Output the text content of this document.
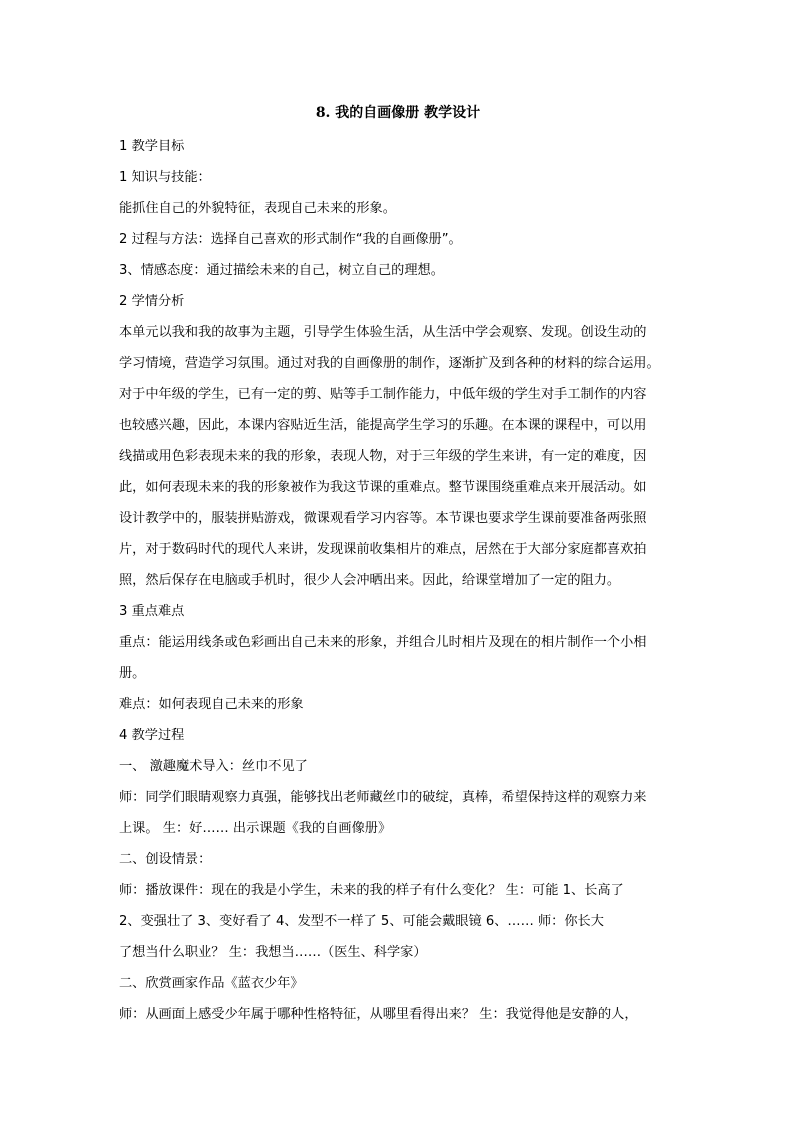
8. 我的自画像册 教学设计
1 教学目标
1 知识与技能：
能抓住自己的外貌特征，表现自己未来的形象。
2 过程与方法：选择自己喜欢的形式制作“我的自画像册”。
3、情感态度：通过描绘未来的自己，树立自己的理想。
2 学情分析
本单元以我和我的故事为主题，引导学生体验生活，从生活中学会观察、发现。创设生动的
学习情境，营造学习氛围。通过对我的自画像册的制作，逐渐扩及到各种的材料的综合运用。
对于中年级的学生，已有一定的剪、贴等手工制作能力，中低年级的学生对手工制作的内容
也较感兴趣，因此，本课内容贴近生活，能提高学生学习的乐趣。在本课的课程中，可以用
线描或用色彩表现未来的我的形象，表现人物，对于三年级的学生来讲，有一定的难度，因
此，如何表现未来的我的形象被作为我这节课的重难点。整节课围绕重难点来开展活动。如
设计教学中的，服装拼贴游戏，微课观看学习内容等。本节课也要求学生课前要准备两张照
片，对于数码时代的现代人来讲，发现课前收集相片的难点，居然在于大部分家庭都喜欢拍
照，然后保存在电脑或手机时，很少人会冲晒出来。因此，给课堂增加了一定的阻力。
3 重点难点
重点：能运用线条或色彩画出自己未来的形象，并组合儿时相片及现在的相片制作一个小相
册。
难点：如何表现自己未来的形象
4 教学过程
一、 激趣魔术导入：丝巾不见了
师：同学们眼睛观察力真强，能够找出老师藏丝巾的破绽，真棒，希望保持这样的观察力来
上课。 生：好…… 出示课题《我的自画像册》
二、创设情景：
师：播放课件：现在的我是小学生，未来的我的样子有什么变化？ 生：可能 1、长高了
2、变强壮了 3、变好看了 4、发型不一样了 5、可能会戴眼镜 6、…… 师：你长大
了想当什么职业？ 生：我想当……（医生、科学家）
二、欣赏画家作品《蓝衣少年》
师：从画面上感受少年属于哪种性格特征，从哪里看得出来？ 生：我觉得他是安静的人，
